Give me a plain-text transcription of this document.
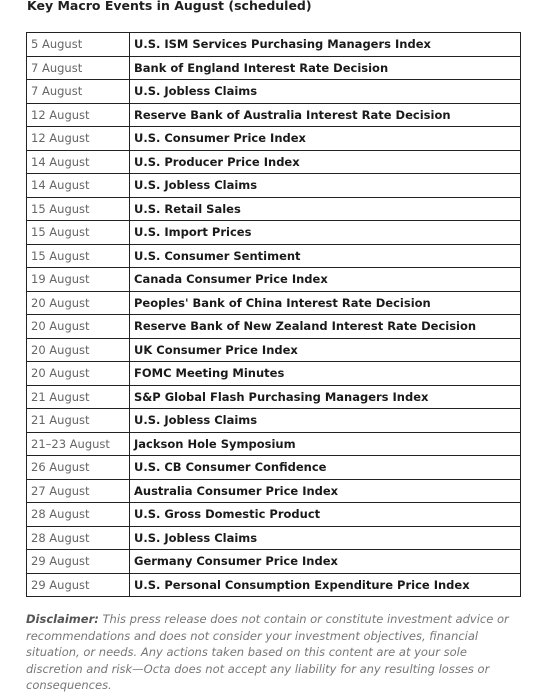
Key Macro Events in August (scheduled)
5 August	U.S. ISM Services Purchasing Managers Index
7 August	Bank of England Interest Rate Decision
7 August	U.S. Jobless Claims
12 August	Reserve Bank of Australia Interest Rate Decision
12 August	U.S. Consumer Price Index
14 August	U.S. Producer Price Index
14 August	U.S. Jobless Claims
15 August	U.S. Retail Sales
15 August	U.S. Import Prices
15 August	U.S. Consumer Sentiment
19 August	Canada Consumer Price Index
20 August	Peoples' Bank of China Interest Rate Decision
20 August	Reserve Bank of New Zealand Interest Rate Decision
20 August	UK Consumer Price Index
20 August	FOMC Meeting Minutes
21 August	S&P Global Flash Purchasing Managers Index
21 August	U.S. Jobless Claims
21–23 August	Jackson Hole Symposium
26 August	U.S. CB Consumer Confidence
27 August	Australia Consumer Price Index
28 August	U.S. Gross Domestic Product
28 August	U.S. Jobless Claims
29 August	Germany Consumer Price Index
29 August	U.S. Personal Consumption Expenditure Price Index
Disclaimer: This press release does not contain or constitute investment advice or recommendations and does not consider your investment objectives, financial situation, or needs. Any actions taken based on this content are at your sole discretion and risk—Octa does not accept any liability for any resulting losses or consequences.
